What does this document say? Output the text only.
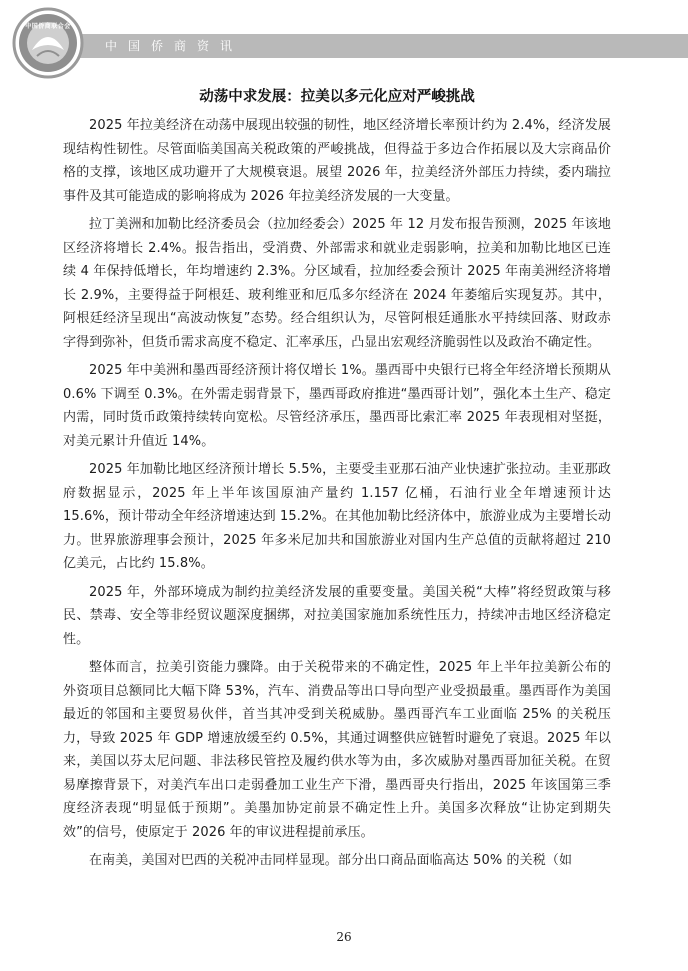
中国侨商资讯
中国侨商联合会
动荡中求发展：拉美以多元化应对严峻挑战

2025 年拉美经济在动荡中展现出较强的韧性，地区经济增长率预计约为 2.4%，经济发展现结构性韧性。尽管面临美国高关税政策的严峻挑战，但得益于多边合作拓展以及大宗商品价格的支撑，该地区成功避开了大规模衰退。展望 2026 年，拉美经济外部压力持续，委内瑞拉事件及其可能造成的影响将成为 2026 年拉美经济发展的一大变量。

拉丁美洲和加勒比经济委员会（拉加经委会）2025 年 12 月发布报告预测，2025 年该地区经济将增长 2.4%。报告指出，受消费、外部需求和就业走弱影响，拉美和加勒比地区已连续 4 年保持低增长，年均增速约 2.3%。分区域看，拉加经委会预计 2025 年南美洲经济将增长 2.9%，主要得益于阿根廷、玻利维亚和厄瓜多尔经济在 2024 年萎缩后实现复苏。其中，阿根廷经济呈现出“高波动恢复”态势。经合组织认为，尽管阿根廷通胀水平持续回落、财政赤字得到弥补，但货币需求高度不稳定、汇率承压，凸显出宏观经济脆弱性以及政治不确定性。

2025 年中美洲和墨西哥经济预计将仅增长 1%。墨西哥中央银行已将全年经济增长预期从 0.6% 下调至 0.3%。在外需走弱背景下，墨西哥政府推进“墨西哥计划”，强化本土生产、稳定内需，同时货币政策持续转向宽松。尽管经济承压，墨西哥比索汇率 2025 年表现相对坚挺，对美元累计升值近 14%。

2025 年加勒比地区经济预计增长 5.5%，主要受圭亚那石油产业快速扩张拉动。圭亚那政府数据显示，2025 年上半年该国原油产量约 1.157 亿桶，石油行业全年增速预计达 15.6%，预计带动全年经济增速达到 15.2%。在其他加勒比经济体中，旅游业成为主要增长动力。世界旅游理事会预计，2025 年多米尼加共和国旅游业对国内生产总值的贡献将超过 210 亿美元，占比约 15.8%。

2025 年，外部环境成为制约拉美经济发展的重要变量。美国关税“大棒”将经贸政策与移民、禁毒、安全等非经贸议题深度捆绑，对拉美国家施加系统性压力，持续冲击地区经济稳定性。

整体而言，拉美引资能力骤降。由于关税带来的不确定性，2025 年上半年拉美新公布的外资项目总额同比大幅下降 53%，汽车、消费品等出口导向型产业受损最重。墨西哥作为美国最近的邻国和主要贸易伙伴，首当其冲受到关税威胁。墨西哥汽车工业面临 25% 的关税压力，导致 2025 年 GDP 增速放缓至约 0.5%，其通过调整供应链暂时避免了衰退。2025 年以来，美国以芬太尼问题、非法移民管控及履约供水等为由，多次威胁对墨西哥加征关税。在贸易摩擦背景下，对美汽车出口走弱叠加工业生产下滑，墨西哥央行指出，2025 年该国第三季度经济表现“明显低于预期”。美墨加协定前景不确定性上升。美国多次释放“让协定到期失效”的信号，使原定于 2026 年的审议进程提前承压。

在南美，美国对巴西的关税冲击同样显现。部分出口商品面临高达 50% 的关税（如

26
